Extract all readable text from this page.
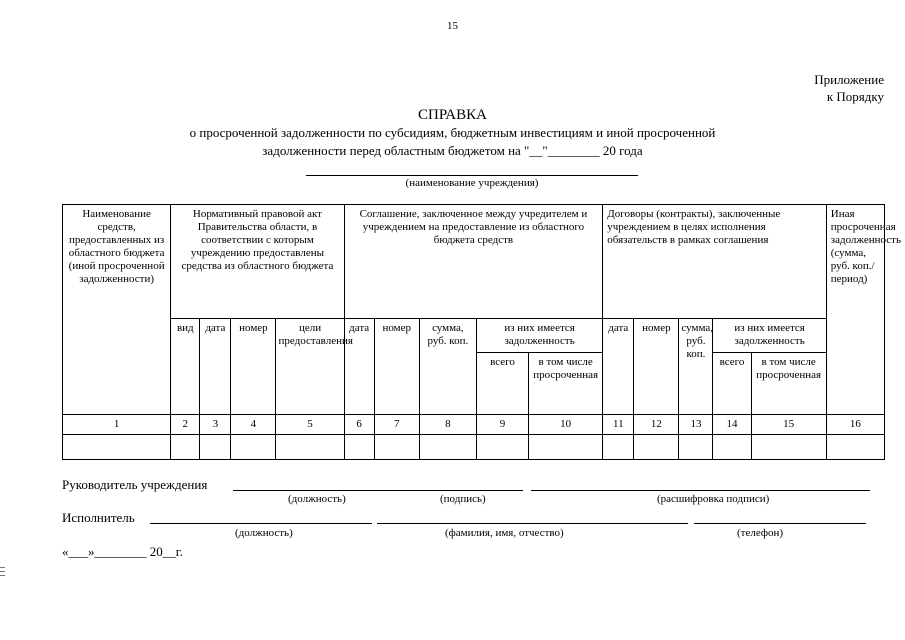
15
Приложение
к Порядку
СПРАВКА
о просроченной задолженности по субсидиям, бюджетным инвестициям и иной просроченной
задолженности перед областным бюджетом на "__"________ 20 года
(наименование учреждения)
Наименование средств, предоставленных из областного бюджета (иной просроченной задолженности)	Нормативный правовой акт Правительства области, в соответствии с которым учреждению предоставлены средства из областного бюджета				Соглашение, заключенное между учредителем и учреждением на предоставление из областного бюджета средств					Договоры (контракты), заключенные учреждением в целях исполнения обязательств в рамках соглашения					Иная просроченная задолженность (сумма, руб. коп./ период)
	вид	дата	номер	цели предоставления	дата	номер	сумма, руб. коп.	из них имеется задолженность		дата	номер	сумма, руб. коп.	из них имеется задолженность		
								всего	в том числе просроченная				всего	в том числе просроченная	
1	2	3	4	5	6	7	8	9	10	11	12	13	14	15	16

Руководитель учреждения
(должность)	(подпись)	(расшифровка подписи)
Исполнитель
(должность)	(фамилия, имя, отчество)	(телефон)
«___»________ 20__г.
